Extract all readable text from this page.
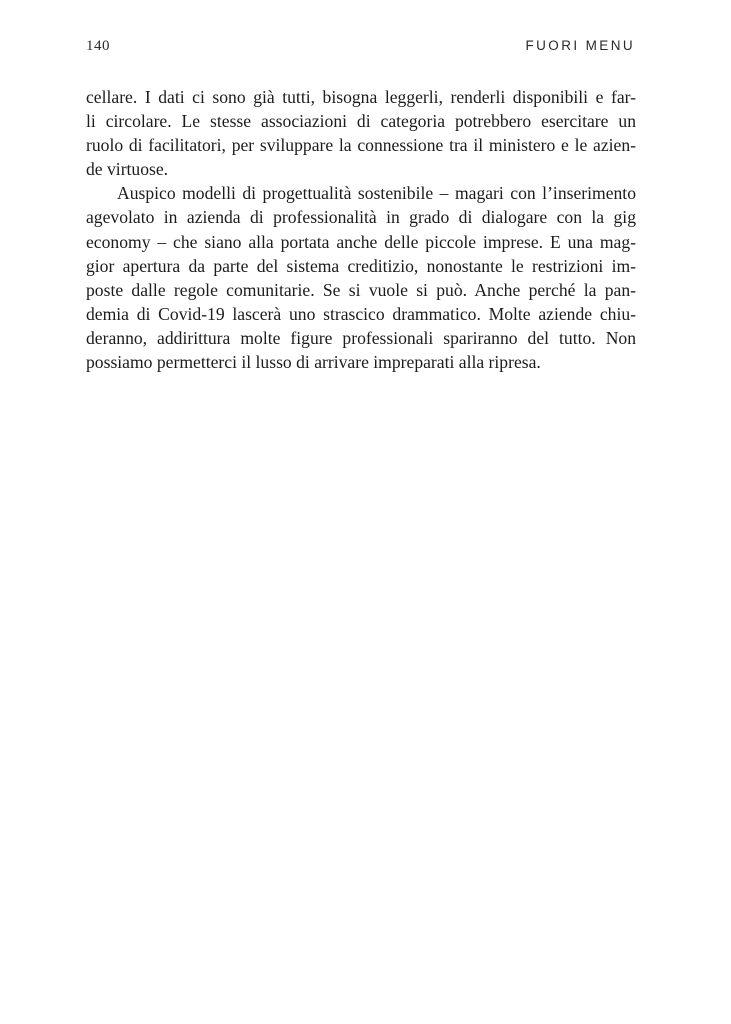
140	FUORI MENU
cellare. I dati ci sono già tutti, bisogna leggerli, renderli disponibili e far-
li circolare. Le stesse associazioni di categoria potrebbero esercitare un
ruolo di facilitatori, per sviluppare la connessione tra il ministero e le azien-
de virtuose.
Auspico modelli di progettualità sostenibile – magari con l’inserimento
agevolato in azienda di professionalità in grado di dialogare con la gig
economy – che siano alla portata anche delle piccole imprese. E una mag-
gior apertura da parte del sistema creditizio, nonostante le restrizioni im-
poste dalle regole comunitarie. Se si vuole si può. Anche perché la pan-
demia di Covid-19 lascerà uno strascico drammatico. Molte aziende chiu-
deranno, addirittura molte figure professionali spariranno del tutto. Non
possiamo permetterci il lusso di arrivare impreparati alla ripresa.
